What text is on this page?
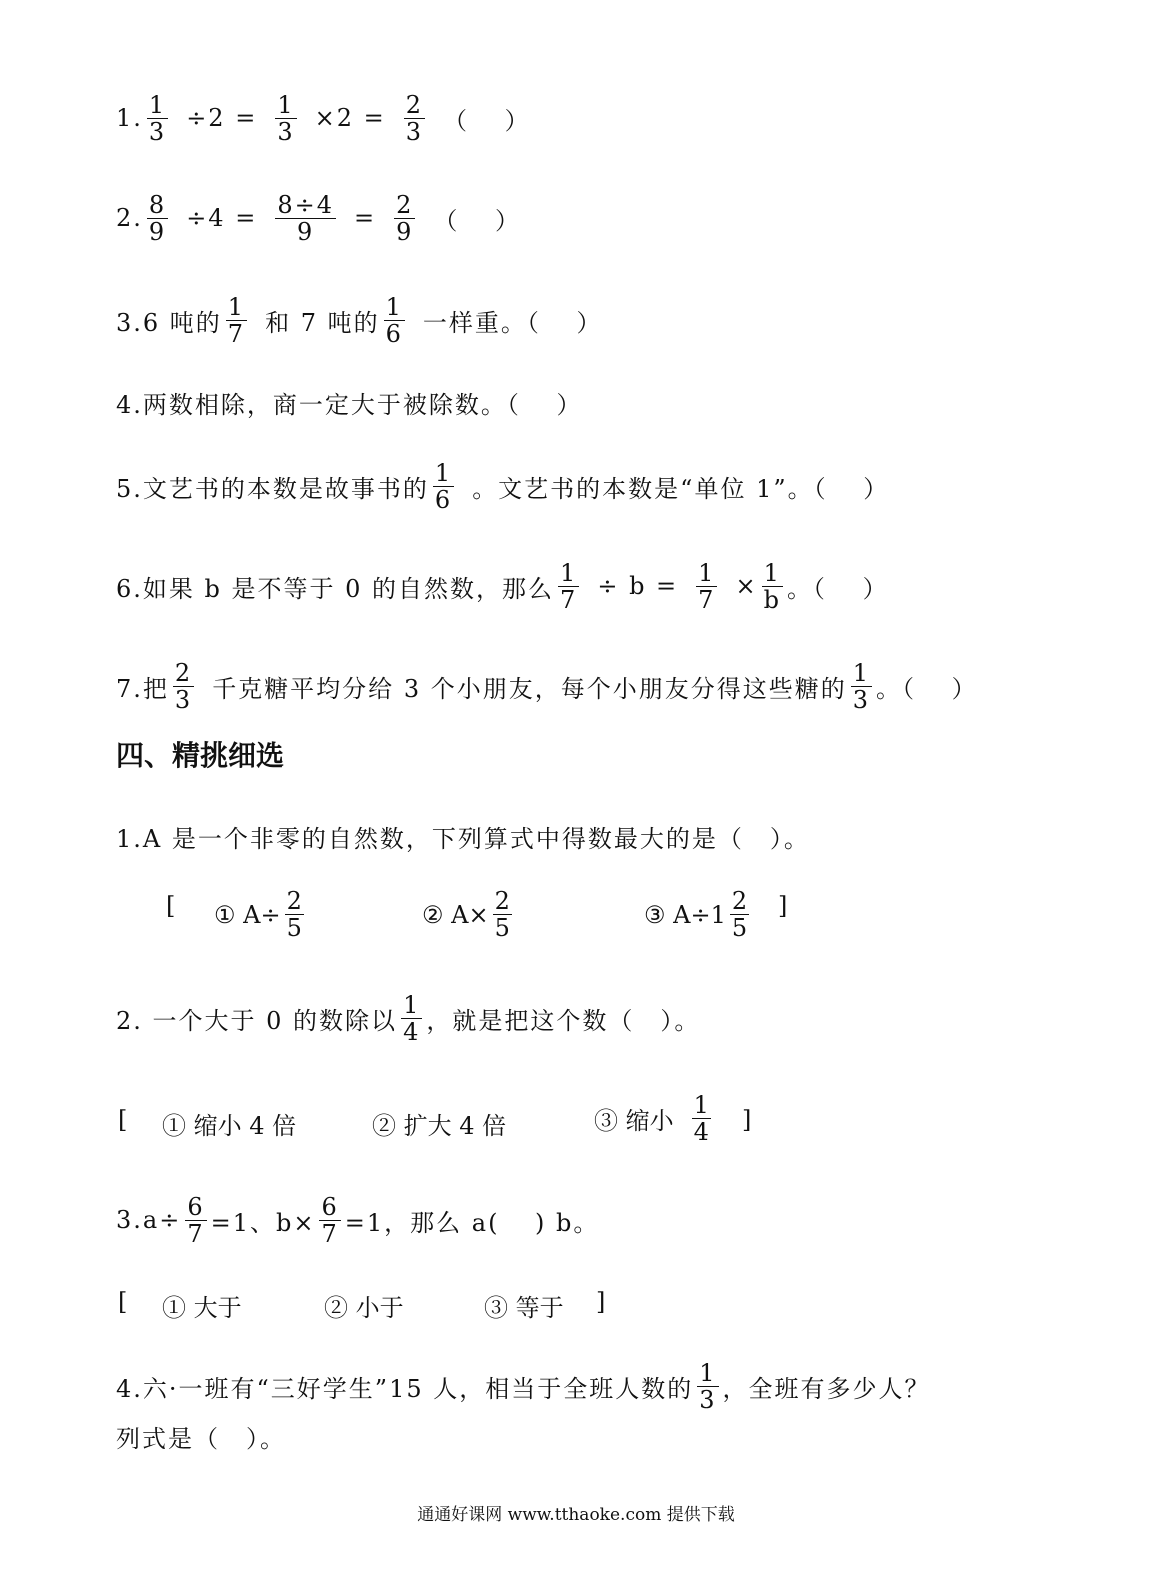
1. $\frac{1}{3} \div 2 = \frac{1}{3} \times 2 = \frac{2}{3}$ （　 ）
2. $\frac{8}{9} \div 4 = \frac{8\div 4}{9} = \frac{2}{9}$ （　 ）
3.6 吨的 $\frac{1}{7}$ 和 7 吨的 $\frac{1}{6}$ 一样重。（　 ）
4.两数相除，商一定大于被除数。（　 ）
5.文艺书的本数是故事书的 $\frac{1}{6}$ 。文艺书的本数是“单位 1”。（　 ）
6.如果 b 是不等于 0 的自然数，那么 $\frac{1}{7} \div b = \frac{1}{7} \times \frac{1}{b}$ 。（　 ）
7.把 $\frac{2}{3}$ 千克糖平均分给 3 个小朋友，每个小朋友分得这些糖的 $\frac{1}{3}$ 。（　 ）
四、精挑细选
1.A 是一个非零的自然数，下列算式中得数最大的是（　）。
[ ① $A\div \frac{2}{5}$	② $A\times \frac{2}{5}$	③ $A\div 1 \frac{2}{5}$ ]
2. 一个大于 0 的数除以 $\frac{1}{4}$ ，就是把这个数（　）。
[ ① 缩小 4 倍	② 扩大 4 倍	③ 缩小 $\frac{1}{4}$ ]
$3.a\div \frac{6}{7} =1$、$b\times \frac{6}{7} =1$，那么 a(　 ) b。
[ ① 大于	② 小于	③ 等于 ]
4.六·一班有“三好学生”15 人，相当于全班人数的 $\frac{1}{3}$ ，全班有多少人？
列式是（　）。
通通好课网 www.tthaoke.com 提供下载
